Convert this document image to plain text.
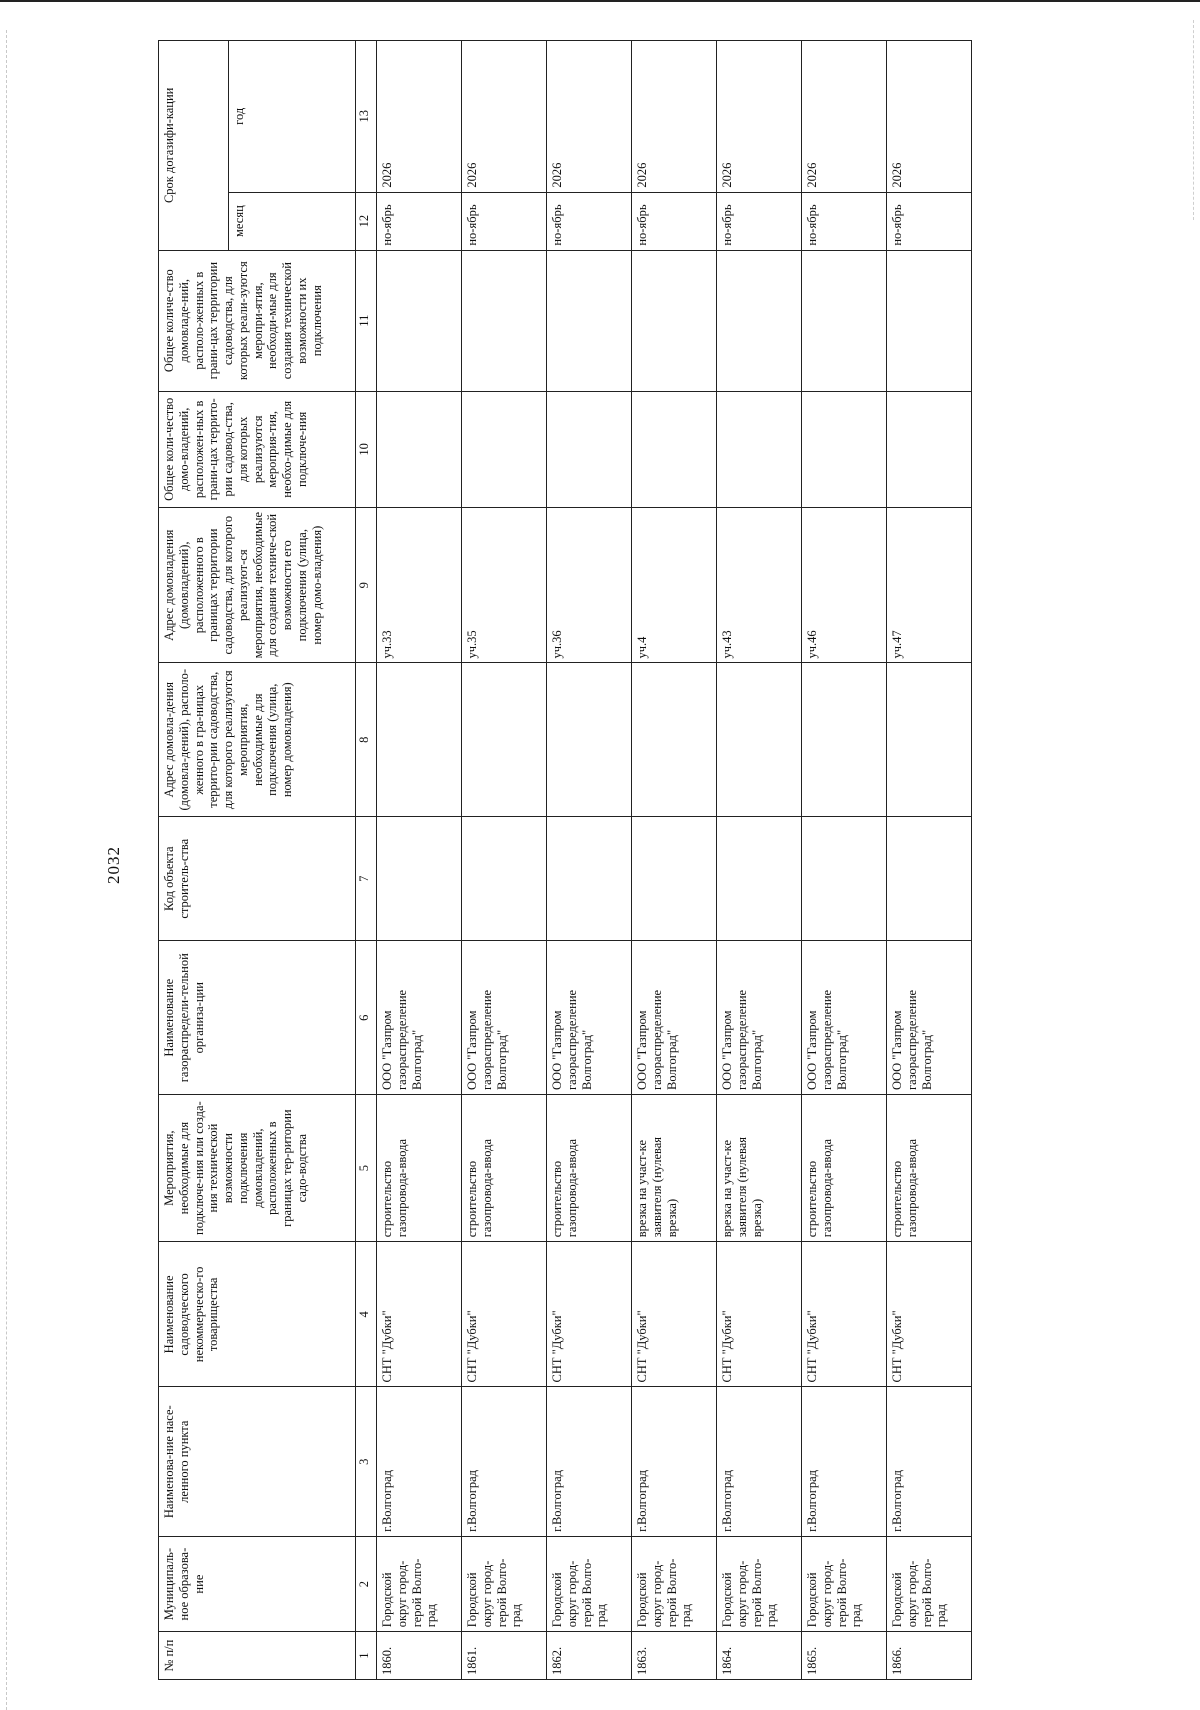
2032
№ п/п	Муниципаль-ное образова-ние	Наименова-ние насе-ленного пункта	Наименование садоводческого некоммерческо-го товарищества	Мероприятия, необходимые для подключе-ния или созда-ния технической возможности подключения домовладений, расположенных в границах тер-ритории садо-водства	Наименование газораспредели-тельной организа-ции	Код объекта строитель-ства	Адрес домовла-дения (домовла-дений), располо-женного в гра-ницах террито-рии садоводства, для которого реализуются мероприятия, необходимые для подключения (улица, номер домовладения)	Адрес домовладения (домовладений), расположенного в границах территории садоводства, для которого реализуют-ся мероприятия, необходимые для создания техниче-ской возможности его подключения (улица, номер домо-владения)	Общее коли-чество домо-владений, расположен-ных в грани-цах террито-рии садовод-ства, для которых реализуются мероприя-тия, необхо-димые для подключе-ния	Общее количе-ство домовладе-ний, располо-женных в грани-цах территории садоводства, для которых реали-зуются меропри-ятия, необходи-мые для создания технической возможности их подключения	Срок догазифи-кации	
											месяц	год
1	2	3	4	5	6	7	8	9	10	11	12	13
1860.	Городской округ город-герой Волго-град	г.Волгоград	СНТ "Дубки"	строительство газопровода-ввода	ООО "Газпром газораспределение Волгоград"			уч.33			но-ябрь	2026
1861.	Городской округ город-герой Волго-град	г.Волгоград	СНТ "Дубки"	строительство газопровода-ввода	ООО "Газпром газораспределение Волгоград"			уч.35			но-ябрь	2026
1862.	Городской округ город-герой Волго-град	г.Волгоград	СНТ "Дубки"	строительство газопровода-ввода	ООО "Газпром газораспределение Волгоград"			уч.36			но-ябрь	2026
1863.	Городской округ город-герой Волго-град	г.Волгоград	СНТ "Дубки"	врезка на участ-ке заявителя (нулевая врезка)	ООО "Газпром газораспределение Волгоград"			уч.4			но-ябрь	2026
1864.	Городской округ город-герой Волго-град	г.Волгоград	СНТ "Дубки"	врезка на участ-ке заявителя (нулевая врезка)	ООО "Газпром газораспределение Волгоград"			уч.43			но-ябрь	2026
1865.	Городской округ город-герой Волго-град	г.Волгоград	СНТ "Дубки"	строительство газопровода-ввода	ООО "Газпром газораспределение Волгоград"			уч.46			но-ябрь	2026
1866.	Городской округ город-герой Волго-град	г.Волгоград	СНТ "Дубки"	строительство газопровода-ввода	ООО "Газпром газораспределение Волгоград"			уч.47			но-ябрь	2026
